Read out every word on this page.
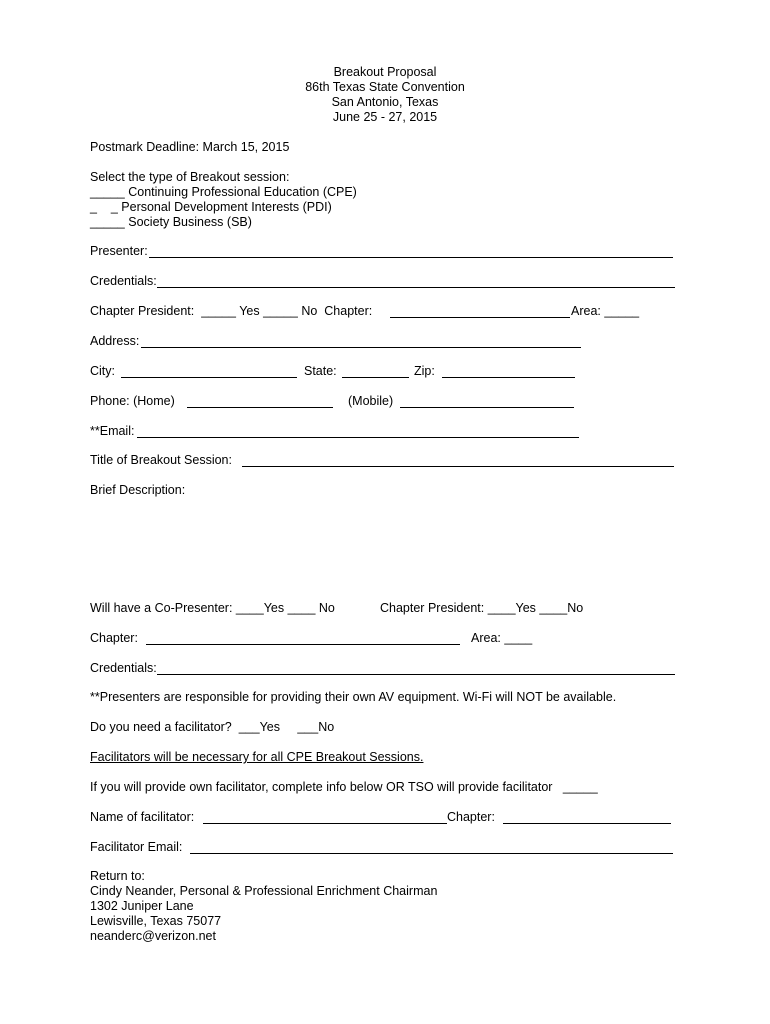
Breakout Proposal
86th Texas State Convention
San Antonio, Texas
June 25 - 27, 2015
Postmark Deadline: March 15, 2015
Select the type of Breakout session:
_____ Continuing Professional Education (CPE)
_    _ Personal Development Interests (PDI)
_____ Society Business (SB)
Presenter:
Credentials:
Chapter President: _____ Yes _____ No Chapter:	Area: _____
Address:
City:	State:	Zip:
Phone: (Home)	(Mobile)
**Email:
Title of Breakout Session:
Brief Description:
Will have a Co-Presenter: ____Yes ____ No	Chapter President: ____Yes ____No
Chapter:	Area: ____
Credentials:
**Presenters are responsible for providing their own AV equipment. Wi-Fi will NOT be available.
Do you need a facilitator? ___Yes ___No
Facilitators will be necessary for all CPE Breakout Sessions.
If you will provide own facilitator, complete info below OR TSO will provide facilitator _____
Name of facilitator:	Chapter:
Facilitator Email:
Return to:
Cindy Neander, Personal & Professional Enrichment Chairman
1302 Juniper Lane
Lewisville, Texas 75077
neanderc@verizon.net
